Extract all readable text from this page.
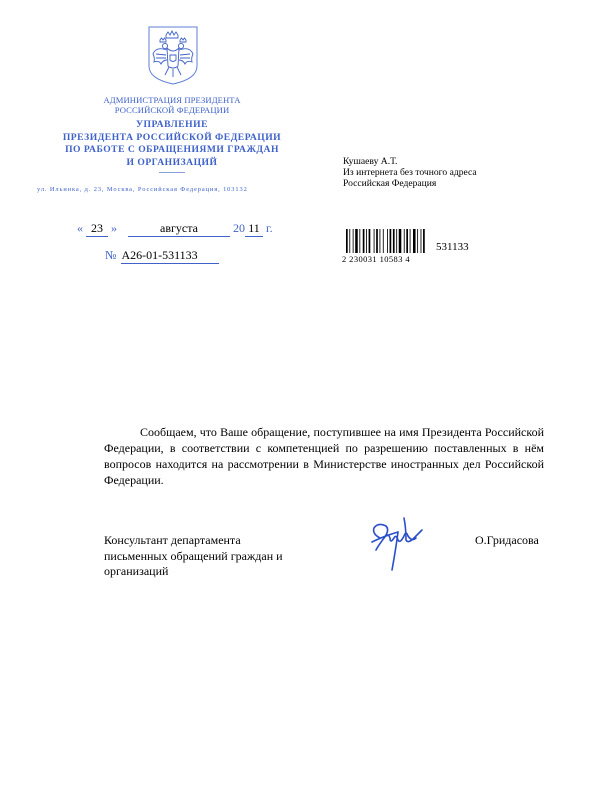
АДМИНИСТРАЦИЯ ПРЕЗИДЕНТА
РОССИЙСКОЙ ФЕДЕРАЦИИ
УПРАВЛЕНИЕ
ПРЕЗИДЕНТА РОССИЙСКОЙ ФЕДЕРАЦИИ
ПО РАБОТЕ С ОБРАЩЕНИЯМИ ГРАЖДАН
И ОРГАНИЗАЦИЙ
ул. Ильинка, д. 23, Москва, Российская Федерация, 103132
Кушаеву А.Т.
Из интернета без точного адреса
Российская Федерация
« 23 »	августа	20 11 г.
№ А26-01-531133	2 230031 10583 4
531133
Сообщаем, что Ваше обращение, поступившее на имя Президента Российской Федерации, в соответствии с компетенцией по разрешению поставленных в нём вопросов находится на рассмотрении в Министерстве иностранных дел Российской Федерации.
Консультант департамента
письменных обращений граждан и
организаций
О.Гридасова
